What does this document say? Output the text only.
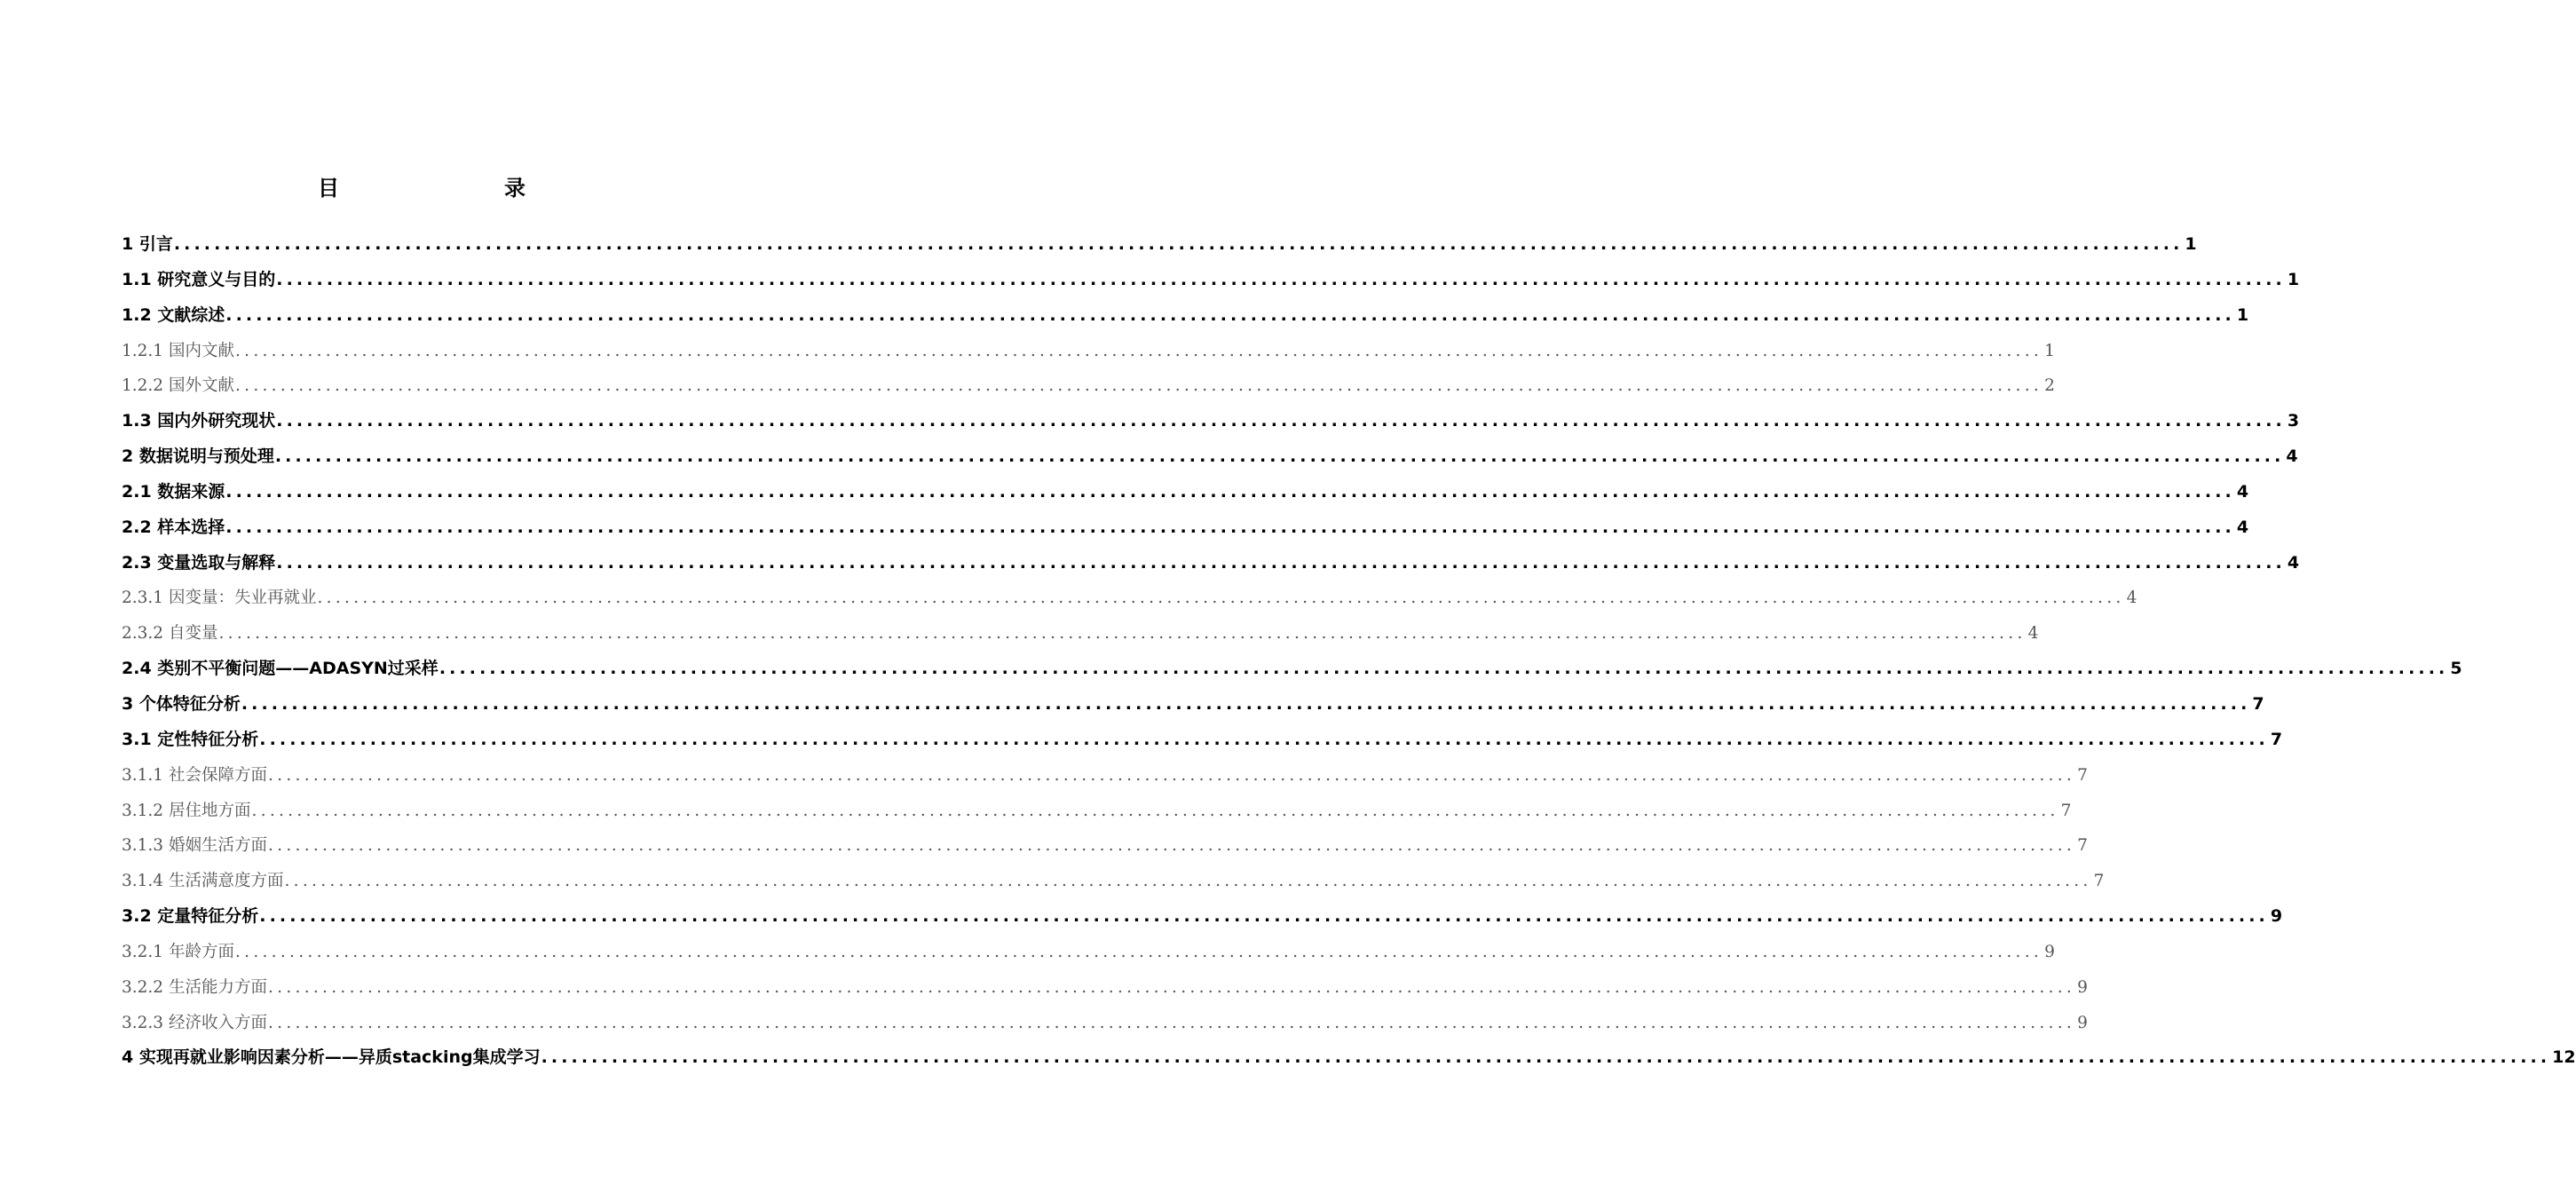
目　　录
1 引言 ........................................................................................................................................................................................................ 1
1.1 研究意义与目的 ........................................................................................................................................................................................................ 1
1.2 文献综述 ........................................................................................................................................................................................................ 1
1.2.1 国内文献 ........................................................................................................................................................................................................ 1
1.2.2 国外文献 ........................................................................................................................................................................................................ 2
1.3 国内外研究现状 ........................................................................................................................................................................................................ 3
2 数据说明与预处理 ........................................................................................................................................................................................................ 4
2.1 数据来源 ........................................................................................................................................................................................................ 4
2.2 样本选择 ........................................................................................................................................................................................................ 4
2.3 变量选取与解释 ........................................................................................................................................................................................................ 4
2.3.1 因变量：失业再就业 ........................................................................................................................................................................................................ 4
2.3.2 自变量 ........................................................................................................................................................................................................ 4
2.4 类别不平衡问题——ADASYN过采样 ........................................................................................................................................................................................................ 5
3 个体特征分析 ........................................................................................................................................................................................................ 7
3.1 定性特征分析 ........................................................................................................................................................................................................ 7
3.1.1 社会保障方面 ........................................................................................................................................................................................................ 7
3.1.2 居住地方面 ........................................................................................................................................................................................................ 7
3.1.3 婚姻生活方面 ........................................................................................................................................................................................................ 7
3.1.4 生活满意度方面 ........................................................................................................................................................................................................ 7
3.2 定量特征分析 ........................................................................................................................................................................................................ 9
3.2.1 年龄方面 ........................................................................................................................................................................................................ 9
3.2.2 生活能力方面 ........................................................................................................................................................................................................ 9
3.2.3 经济收入方面 ........................................................................................................................................................................................................ 9
4 实现再就业影响因素分析——异质stacking集成学习 ........................................................................................................................................................................................................ 12
